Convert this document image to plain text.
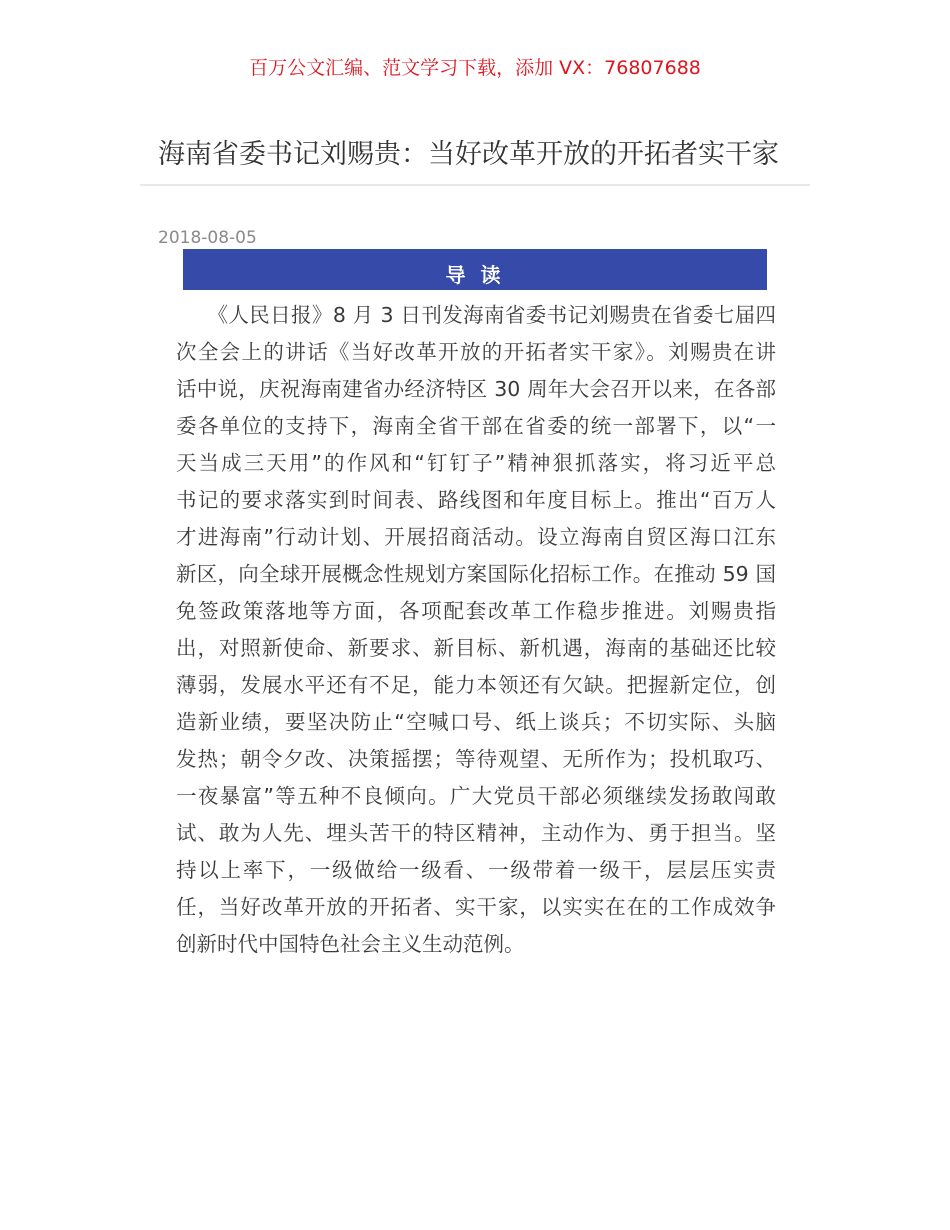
百万公文汇编、范文学习下载，添加 VX：76807688
海南省委书记刘赐贵：当好改革开放的开拓者实干家
2018-08-05
导 读
　　《人民日报》8 月 3 日刊发海南省委书记刘赐贵在省委七届四
次全会上的讲话《当好改革开放的开拓者实干家》。刘赐贵在讲
话中说，庆祝海南建省办经济特区 30 周年大会召开以来，在各部
委各单位的支持下，海南全省干部在省委的统一部署下，以“一
天当成三天用”的作风和“钉钉子”精神狠抓落实，将习近平总
书记的要求落实到时间表、路线图和年度目标上。推出“百万人
才进海南”行动计划、开展招商活动。设立海南自贸区海口江东
新区，向全球开展概念性规划方案国际化招标工作。在推动 59 国
免签政策落地等方面，各项配套改革工作稳步推进。刘赐贵指
出，对照新使命、新要求、新目标、新机遇，海南的基础还比较
薄弱，发展水平还有不足，能力本领还有欠缺。把握新定位，创
造新业绩，要坚决防止“空喊口号、纸上谈兵；不切实际、头脑
发热；朝令夕改、决策摇摆；等待观望、无所作为；投机取巧、
一夜暴富”等五种不良倾向。广大党员干部必须继续发扬敢闯敢
试、敢为人先、埋头苦干的特区精神，主动作为、勇于担当。坚
持以上率下，一级做给一级看、一级带着一级干，层层压实责
任，当好改革开放的开拓者、实干家，以实实在在的工作成效争
创新时代中国特色社会主义生动范例。
